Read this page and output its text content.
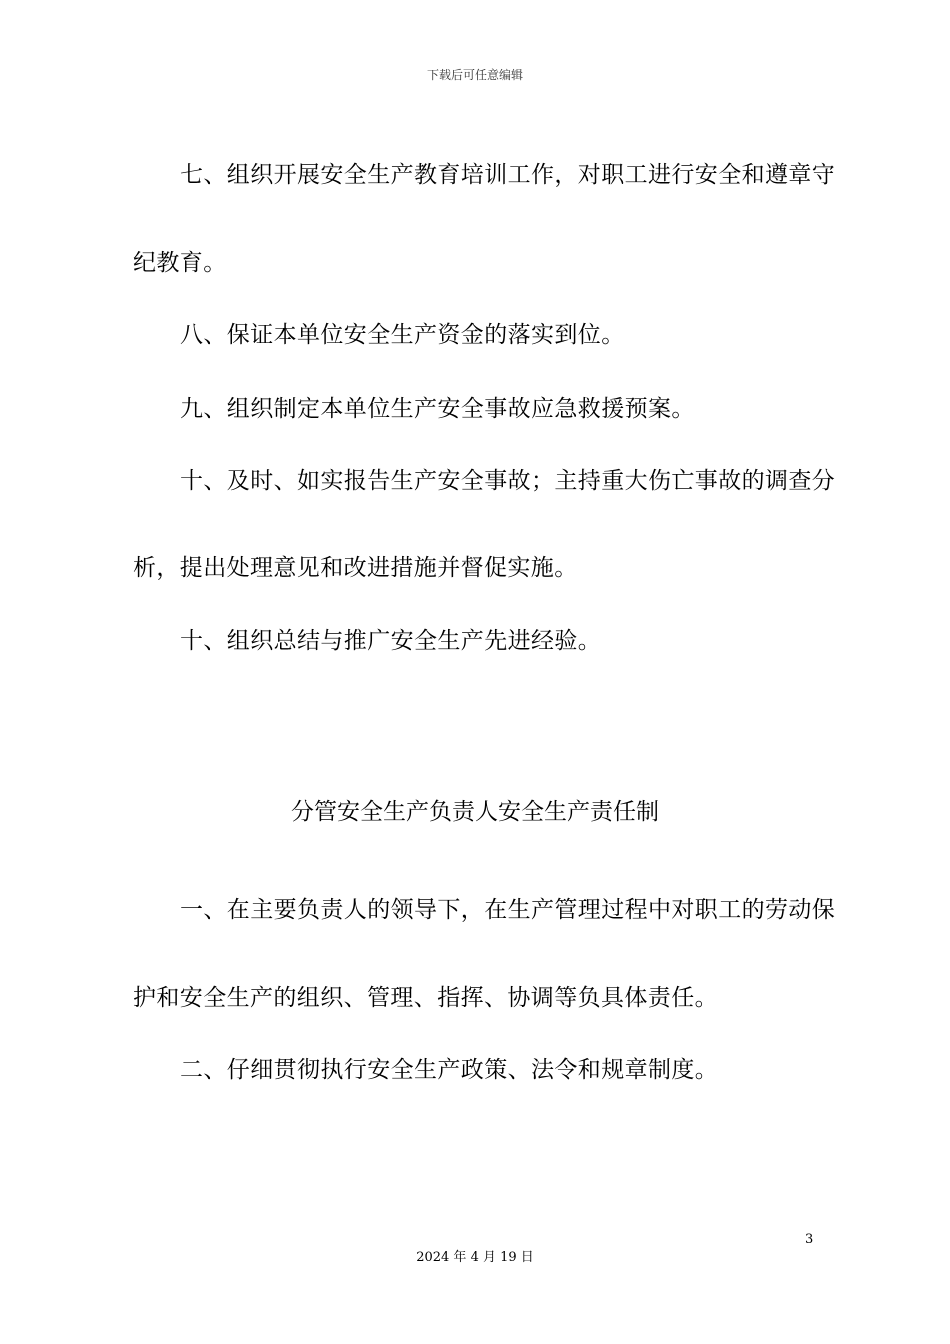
下载后可任意编辑
七、组织开展安全生产教育培训工作，对职工进行安全和遵章守
纪教育。
八、保证本单位安全生产资金的落实到位。
九、组织制定本单位生产安全事故应急救援预案。
十、及时、如实报告生产安全事故；主持重大伤亡事故的调查分
析，提出处理意见和改进措施并督促实施。
十、组织总结与推广安全生产先进经验。
分管安全生产负责人安全生产责任制
一、在主要负责人的领导下，在生产管理过程中对职工的劳动保
护和安全生产的组织、管理、指挥、协调等负具体责任。
二、仔细贯彻执行安全生产政策、法令和规章制度。
3
2024 年 4 月 19 日
